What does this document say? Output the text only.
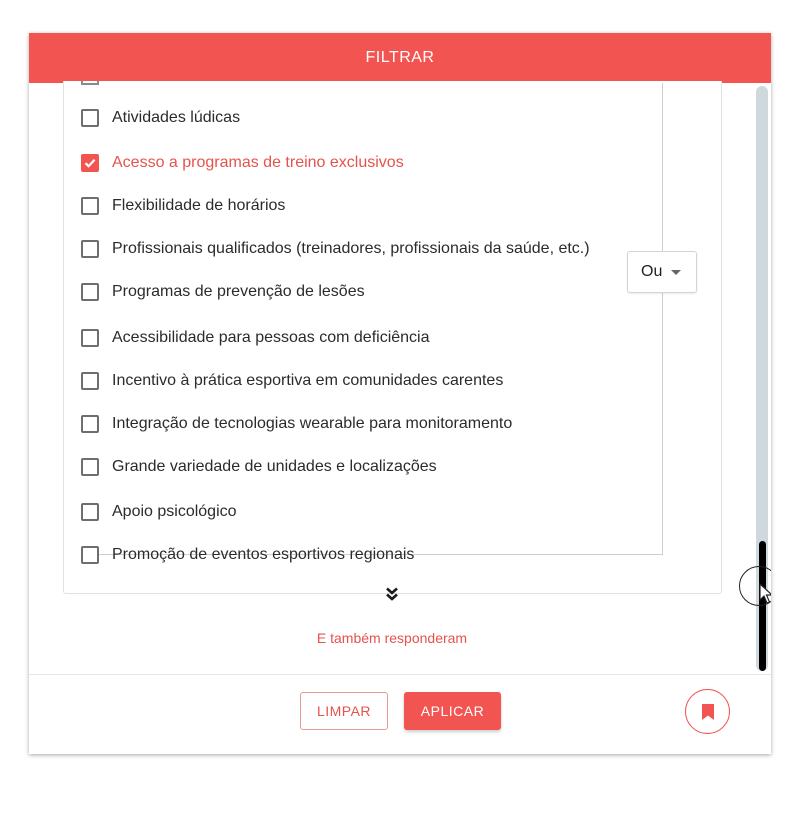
FILTRAR
Atividades lúdicas
Acesso a programas de treino exclusivos
Flexibilidade de horários
Profissionais qualificados (treinadores, profissionais da saúde, etc.)
Programas de prevenção de lesões
Acessibilidade para pessoas com deficiência
Incentivo à prática esportiva em comunidades carentes
Integração de tecnologias wearable para monitoramento
Grande variedade de unidades e localizações
Apoio psicológico
Promoção de eventos esportivos regionais
Ou
E também responderam
LIMPAR	APLICAR
